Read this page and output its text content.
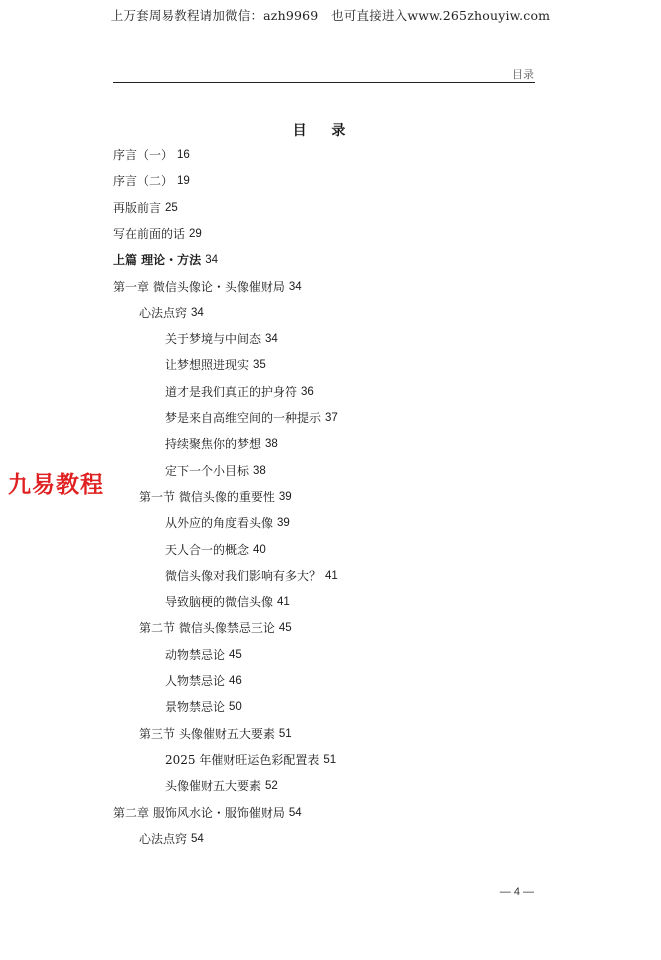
上万套周易教程请加微信：azh9969　也可直接进入www.265zhouyiw.com
目录
目 录
序言（一） 16
序言（二） 19
再版前言 25
写在前面的话 29
上篇 理论・方法 34
第一章 微信头像论・头像催财局 34
心法点窍 34
关于梦境与中间态 34
让梦想照进现实 35
道才是我们真正的护身符 36
梦是来自高维空间的一种提示 37
持续聚焦你的梦想 38
定下一个小目标 38
第一节 微信头像的重要性 39
从外应的角度看头像 39
天人合一的概念 40
微信头像对我们影响有多大？ 41
导致脑梗的微信头像 41
第二节 微信头像禁忌三论 45
动物禁忌论 45
人物禁忌论 46
景物禁忌论 50
第三节 头像催财五大要素 51
2025 年催财旺运色彩配置表 51
头像催财五大要素 52
第二章 服饰风水论・服饰催财局 54
心法点窍 54
九易教程
— 4 —
